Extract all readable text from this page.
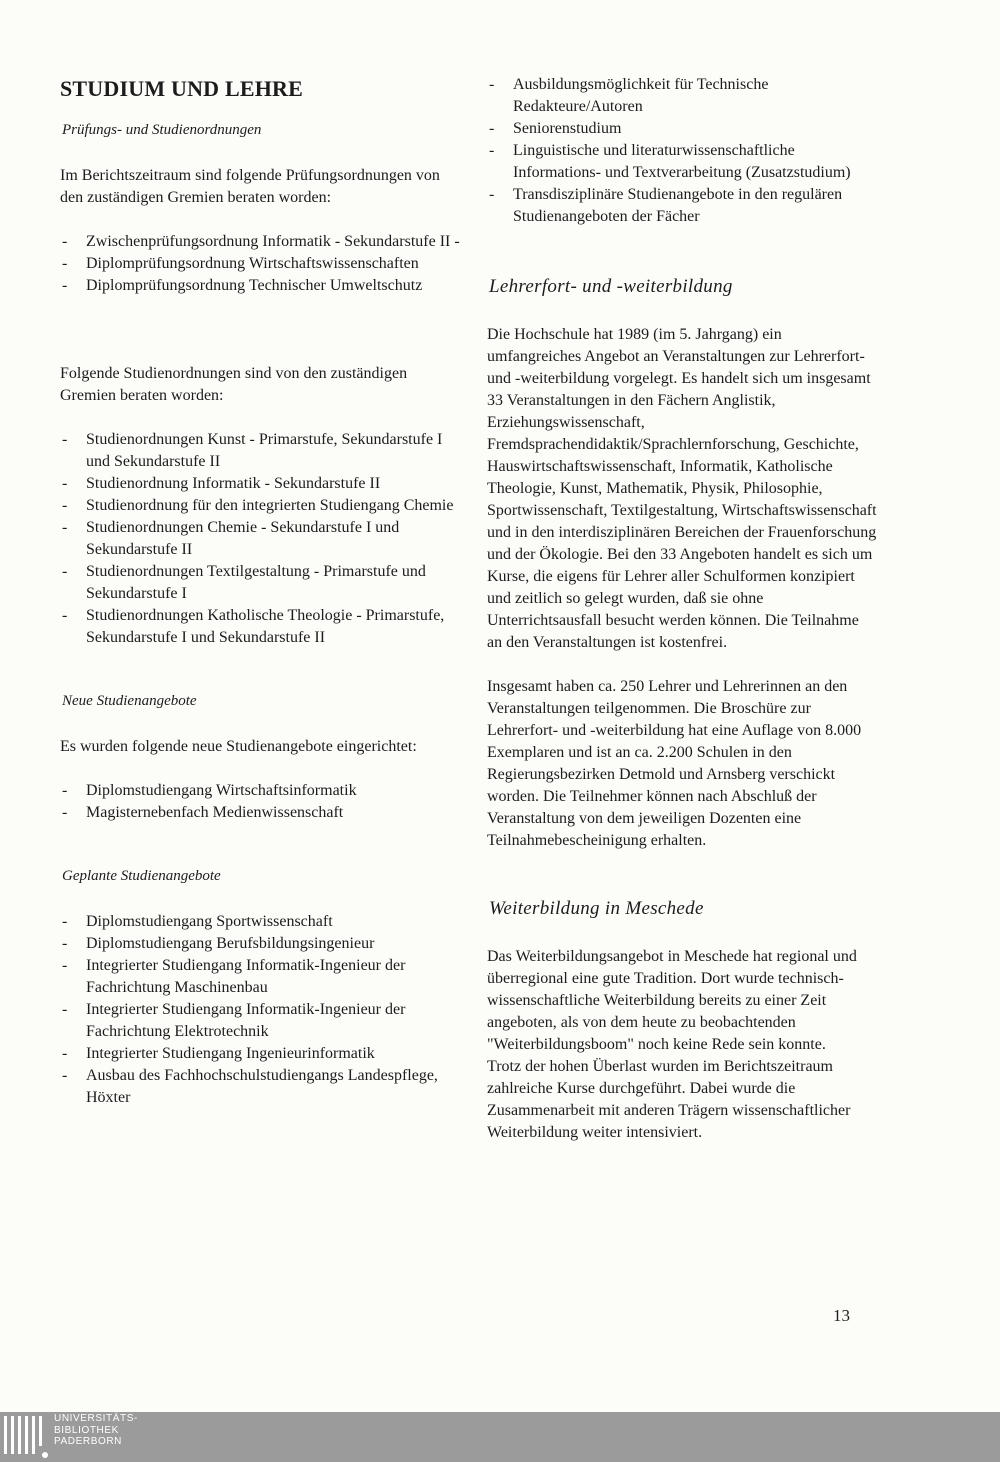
STUDIUM UND LEHRE
Prüfungs- und Studienordnungen

Im Berichtszeitraum sind folgende Prüfungsordnungen von den zuständigen Gremien beraten worden:

- Zwischenprüfungsordnung Informatik - Sekundarstufe II -
- Diplomprüfungsordnung Wirtschaftswissenschaften
- Diplomprüfungsordnung Technischer Umweltschutz

Folgende Studienordnungen sind von den zuständigen Gremien beraten worden:

- Studienordnungen Kunst - Primarstufe, Sekundarstufe I und Sekundarstufe II
- Studienordnung Informatik - Sekundarstufe II
- Studienordnung für den integrierten Studiengang Chemie
- Studienordnungen Chemie - Sekundarstufe I und Sekundarstufe II
- Studienordnungen Textilgestaltung - Primarstufe und Sekundarstufe I
- Studienordnungen Katholische Theologie - Primarstufe, Sekundarstufe I und Sekundarstufe II
Neue Studienangebote

Es wurden folgende neue Studienangebote eingerichtet:

- Diplomstudiengang Wirtschaftsinformatik
- Magisternebenfach Medienwissenschaft
Geplante Studienangebote
- Diplomstudiengang Sportwissenschaft
- Diplomstudiengang Berufsbildungsingenieur
- Integrierter Studiengang Informatik-Ingenieur der Fachrichtung Maschinenbau
- Integrierter Studiengang Informatik-Ingenieur der Fachrichtung Elektrotechnik
- Integrierter Studiengang Ingenieurinformatik
- Ausbau des Fachhochschulstudiengangs Landespflege, Höxter
- Ausbildungsmöglichkeit für Technische Redakteure/Autoren
- Seniorenstudium
- Linguistische und literaturwissenschaftliche Informations- und Textverarbeitung (Zusatzstudium)
- Transdisziplinäre Studienangebote in den regulären Studienangeboten der Fächer
Lehrerfort- und -weiterbildung

Die Hochschule hat 1989 (im 5. Jahrgang) ein umfangreiches Angebot an Veranstaltungen zur Lehrerfort- und -weiterbildung vorgelegt. Es handelt sich um insgesamt 33 Veranstaltungen in den Fächern Anglistik, Erziehungswissenschaft, Fremdsprachendidaktik/Sprachlernforschung, Geschichte, Hauswirtschaftswissenschaft, Informatik, Katholische Theologie, Kunst, Mathematik, Physik, Philosophie, Sportwissenschaft, Textilgestaltung, Wirtschaftswissenschaft und in den interdisziplinären Bereichen der Frauenforschung und der Ökologie. Bei den 33 Angeboten handelt es sich um Kurse, die eigens für Lehrer aller Schulformen konzipiert und zeitlich so gelegt wurden, daß sie ohne Unterrichtsausfall besucht werden können. Die Teilnahme an den Veranstaltungen ist kostenfrei.

Insgesamt haben ca. 250 Lehrer und Lehrerinnen an den Veranstaltungen teilgenommen. Die Broschüre zur Lehrerfort- und -weiterbildung hat eine Auflage von 8.000 Exemplaren und ist an ca. 2.200 Schulen in den Regierungsbezirken Detmold und Arnsberg verschickt worden. Die Teilnehmer können nach Abschluß der Veranstaltung von dem jeweiligen Dozenten eine Teilnahmebescheinigung erhalten.

Weiterbildung in Meschede

Das Weiterbildungsangebot in Meschede hat regional und überregional eine gute Tradition. Dort wurde technisch-wissenschaftliche Weiterbildung bereits zu einer Zeit angeboten, als von dem heute zu beobachtenden "Weiterbildungsboom" noch keine Rede sein konnte.

Trotz der hohen Überlast wurden im Berichtszeitraum zahlreiche Kurse durchgeführt. Dabei wurde die Zusammenarbeit mit anderen Trägern wissenschaftlicher Weiterbildung weiter intensiviert.

13
UNIVERSITÄTS-
BIBLIOTHEK
PADERBORN
